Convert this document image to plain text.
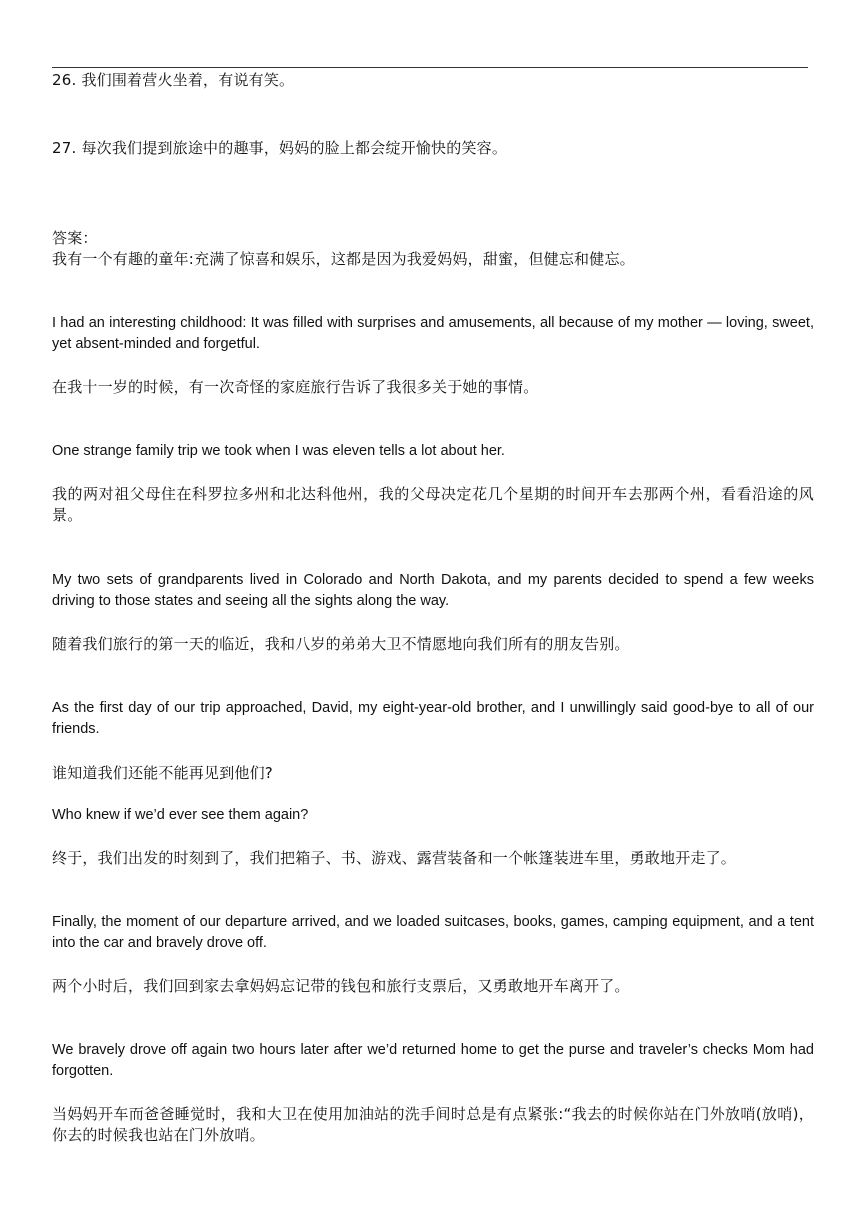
26. 我们围着营火坐着，有说有笑。
27. 每次我们提到旅途中的趣事，妈妈的脸上都会绽开愉快的笑容。
答案：
我有一个有趣的童年:充满了惊喜和娱乐，这都是因为我爱妈妈，甜蜜，但健忘和健忘。
I had an interesting childhood: It was filled with surprises and amusements, all because of my mother — loving, sweet, yet absent-minded and forgetful.
在我十一岁的时候，有一次奇怪的家庭旅行告诉了我很多关于她的事情。
One strange family trip we took when I was eleven tells a lot about her.
我的两对祖父母住在科罗拉多州和北达科他州，我的父母决定花几个星期的时间开车去那两个州，看看沿途的风景。
My two sets of grandparents lived in Colorado and North Dakota, and my parents decided to spend a few weeks driving to those states and seeing all the sights along the way.
随着我们旅行的第一天的临近，我和八岁的弟弟大卫不情愿地向我们所有的朋友告别。
As the first day of our trip approached, David, my eight-year-old brother, and I unwillingly said good-bye to all of our friends.
谁知道我们还能不能再见到他们?
Who knew if we’d ever see them again?
终于，我们出发的时刻到了，我们把箱子、书、游戏、露营装备和一个帐篷装进车里，勇敢地开走了。
Finally, the moment of our departure arrived, and we loaded suitcases, books, games, camping equipment, and a tent into the car and bravely drove off.
两个小时后，我们回到家去拿妈妈忘记带的钱包和旅行支票后，又勇敢地开车离开了。
We bravely drove off again two hours later after we’d returned home to get the purse and traveler’s checks Mom had forgotten.
当妈妈开车而爸爸睡觉时，我和大卫在使用加油站的洗手间时总是有点紧张:“我去的时候你站在门外放哨(放哨)，你去的时候我也站在门外放哨。
